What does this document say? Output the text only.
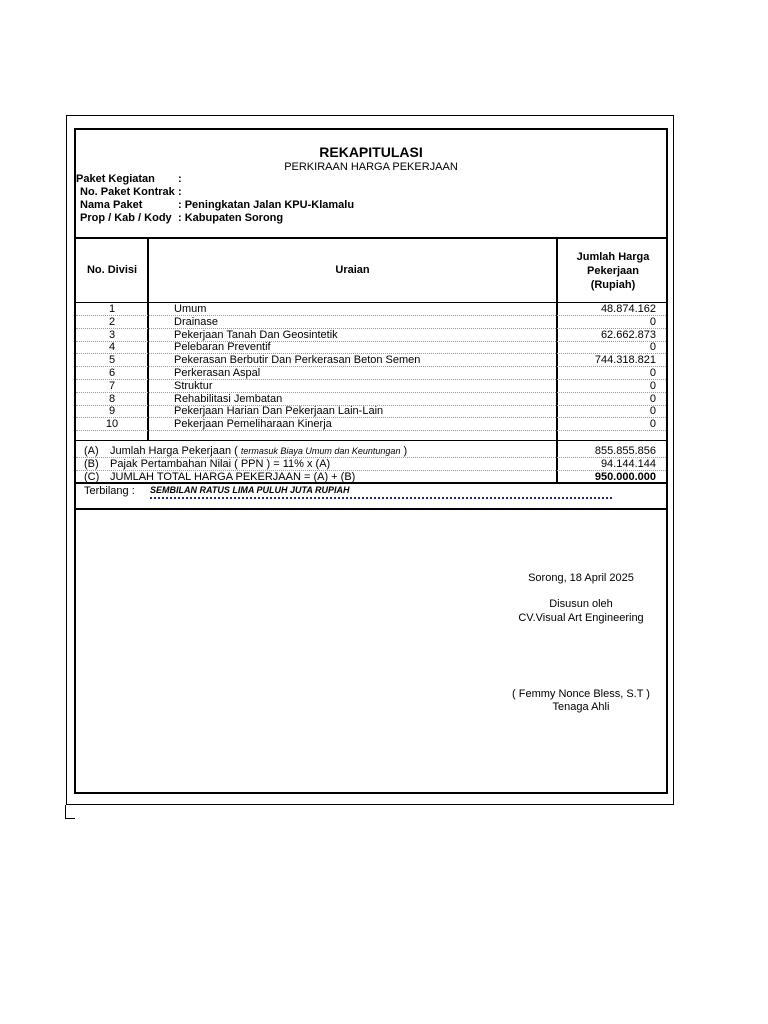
REKAPITULASI
PERKIRAAN HARGA PEKERJAAN
Paket Kegiatan :
No. Paket Kontrak :
Nama Paket	: Peningkatan Jalan KPU-Klamalu
Prop / Kab / Kody : Kabupaten Sorong
No. Divisi	Uraian
Jumlah Harga
Pekerjaan
(Rupiah)
1	Umum	48.874.162
2	Drainase	0
3	Pekerjaan Tanah Dan Geosintetik	62.662.873
4	Pelebaran Preventif	0
5	Pekerasan Berbutir Dan Perkerasan Beton Semen	744.318.821
6	Perkerasan Aspal	0
7	Struktur	0
8	Rehabilitasi Jembatan	0
9	Pekerjaan Harian Dan Pekerjaan Lain-Lain	0
10	Pekerjaan Pemeliharaan Kinerja	0
(A) Jumlah Harga Pekerjaan ( termasuk Biaya Umum dan Keuntungan )	855.855.856
(B) Pajak Pertambahan Nilai ( PPN ) = 11% x (A)	94.144.144
(C) JUMLAH TOTAL HARGA PEKERJAAN = (A) + (B)	950.000.000
Terbilang : SEMBILAN RATUS LIMA PULUH JUTA RUPIAH
Sorong, 18 April 2025
Disusun oleh
CV.Visual Art Engineering
( Femmy Nonce Bless, S.T )
Tenaga Ahli
